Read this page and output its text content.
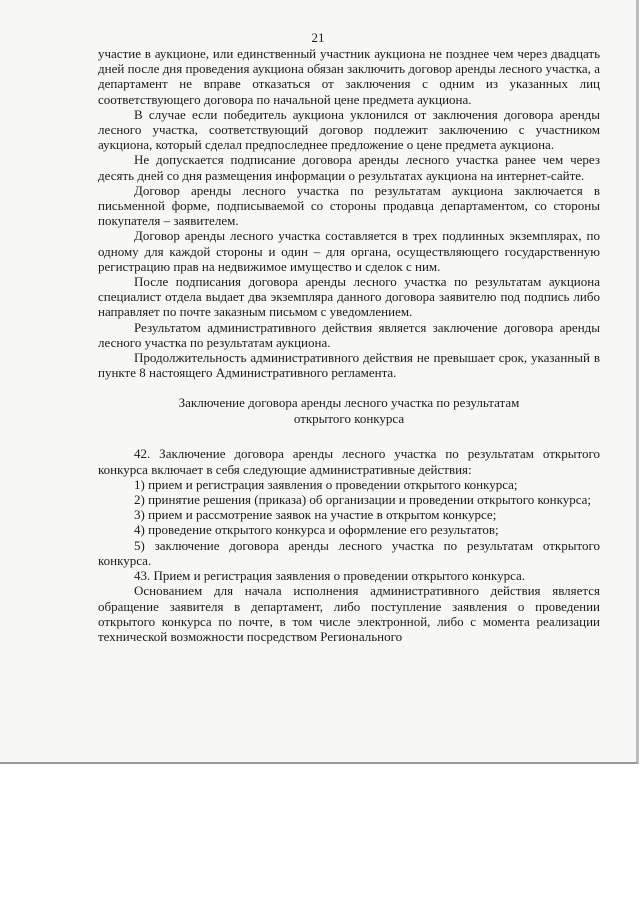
21

участие в аукционе, или единственный участник аукциона не позднее чем через двадцать дней после дня проведения аукциона обязан заключить договор аренды лесного участка, а департамент не вправе отказаться от заключения с одним из указанных лиц соответствующего договора по начальной цене предмета аукциона.

В случае если победитель аукциона уклонился от заключения договора аренды лесного участка, соответствующий договор подлежит заключению с участником аукциона, который сделал предпоследнее предложение о цене предмета аукциона.

Не допускается подписание договора аренды лесного участка ранее чем через десять дней со дня размещения информации о результатах аукциона на интернет-сайте.

Договор аренды лесного участка по результатам аукциона заключается в письменной форме, подписываемой со стороны продавца департаментом, со стороны покупателя – заявителем.

Договор аренды лесного участка составляется в трех подлинных экземплярах, по одному для каждой стороны и один – для органа, осуществляющего государственную регистрацию прав на недвижимое имущество и сделок с ним.

После подписания договора аренды лесного участка по результатам аукциона специалист отдела выдает два экземпляра данного договора заявителю под подпись либо направляет по почте заказным письмом с уведомлением.

Результатом административного действия является заключение договора аренды лесного участка по результатам аукциона.

Продолжительность административного действия не превышает срок, указанный в пункте 8 настоящего Административного регламента.

Заключение договора аренды лесного участка по результатам
открытого конкурса

42. Заключение договора аренды лесного участка по результатам открытого конкурса включает в себя следующие административные действия:

1) прием и регистрация заявления о проведении открытого конкурса;

2) принятие решения (приказа) об организации и проведении открытого конкурса;

3) прием и рассмотрение заявок на участие в открытом конкурсе;

4) проведение открытого конкурса и оформление его результатов;

5) заключение договора аренды лесного участка по результатам открытого конкурса.

43. Прием и регистрация заявления о проведении открытого конкурса.

Основанием для начала исполнения административного действия является обращение заявителя в департамент, либо поступление заявления о проведении открытого конкурса по почте, в том числе электронной, либо с момента реализации технической возможности посредством Регионального
